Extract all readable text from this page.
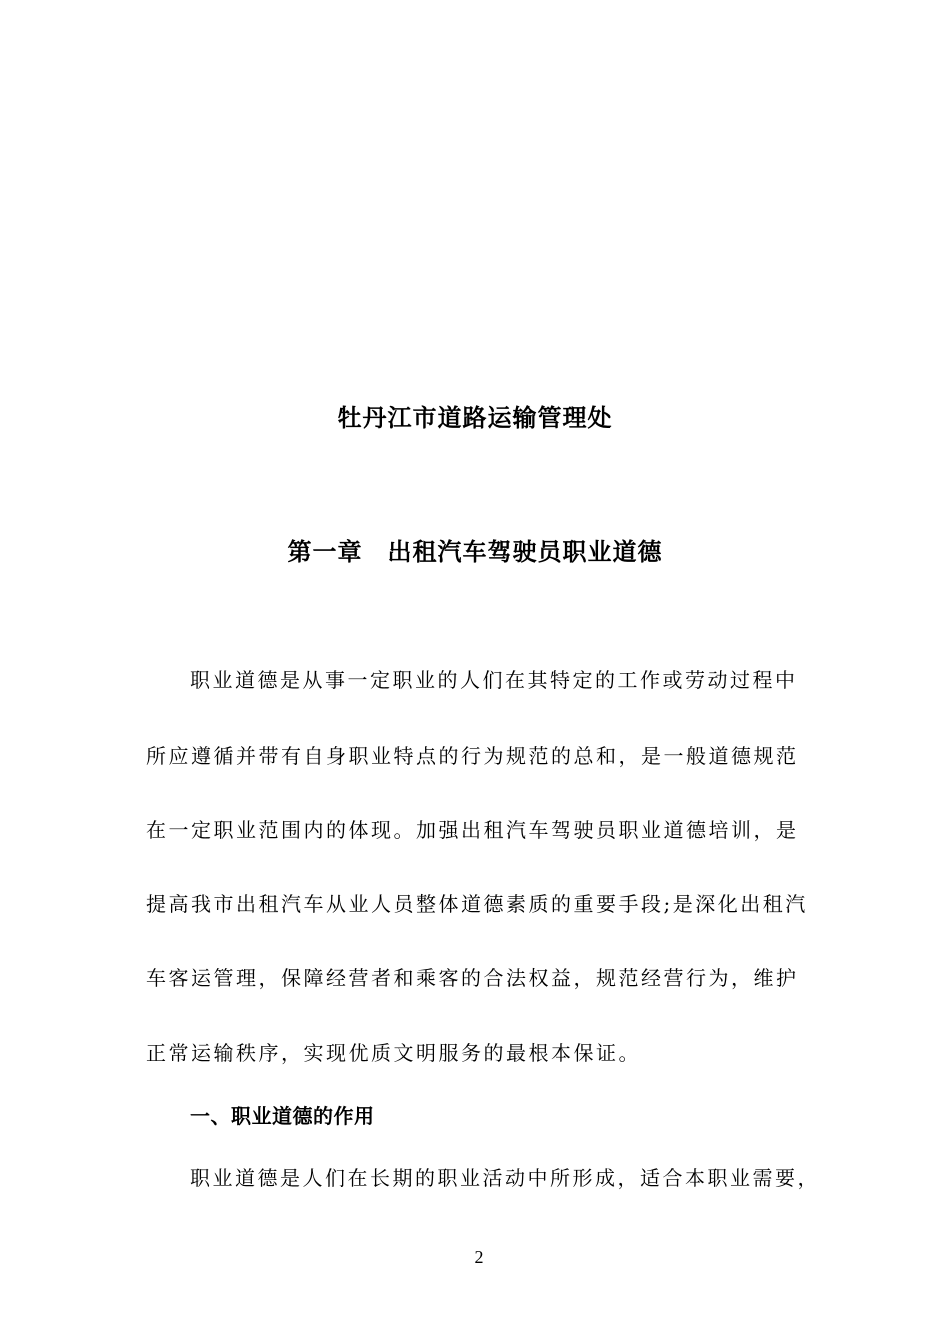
牡丹江市道路运输管理处
第一章　出租汽车驾驶员职业道德
职业道德是从事一定职业的人们在其特定的工作或劳动过程中
所应遵循并带有自身职业特点的行为规范的总和，是一般道德规范
在一定职业范围内的体现。加强出租汽车驾驶员职业道德培训，是
提高我市出租汽车从业人员整体道德素质的重要手段;是深化出租汽
车客运管理，保障经营者和乘客的合法权益，规范经营行为，维护
正常运输秩序，实现优质文明服务的最根本保证。
一、职业道德的作用
职业道德是人们在长期的职业活动中所形成，适合本职业需要，
2
